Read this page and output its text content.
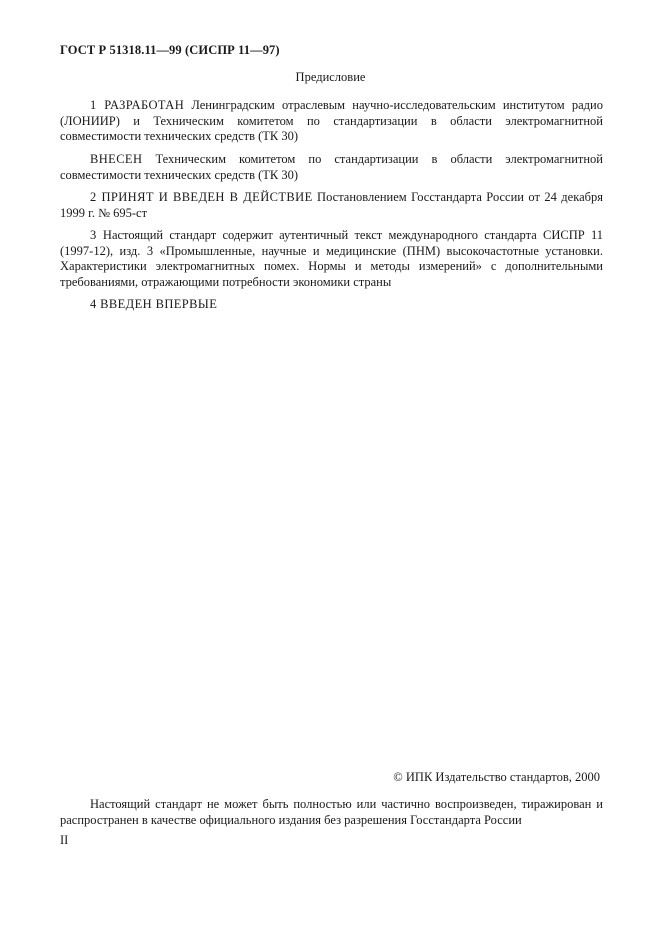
ГОСТ Р 51318.11—99 (СИСПР 11—97)
Предисловие
1 РАЗРАБОТАН Ленинградским отраслевым научно-исследовательским институтом радио (ЛОНИИР) и Техническим комитетом по стандартизации в области электромагнитной совместимости технических средств (ТК 30)
ВНЕСЕН Техническим комитетом по стандартизации в области электромагнитной совместимости технических средств (ТК 30)
2 ПРИНЯТ И ВВЕДЕН В ДЕЙСТВИЕ Постановлением Госстандарта России от 24 декабря 1999 г. № 695-ст
3 Настоящий стандарт содержит аутентичный текст международного стандарта СИСПР 11 (1997-12), изд. 3 «Промышленные, научные и медицинские (ПНМ) высокочастотные установки. Характеристики электромагнитных помех. Нормы и методы измерений» с дополнительными требованиями, отражающими потребности экономики страны
4 ВВЕДЕН ВПЕРВЫЕ
© ИПК Издательство стандартов, 2000
Настоящий стандарт не может быть полностью или частично воспроизведен, тиражирован и распространен в качестве официального издания без разрешения Госстандарта России
II
